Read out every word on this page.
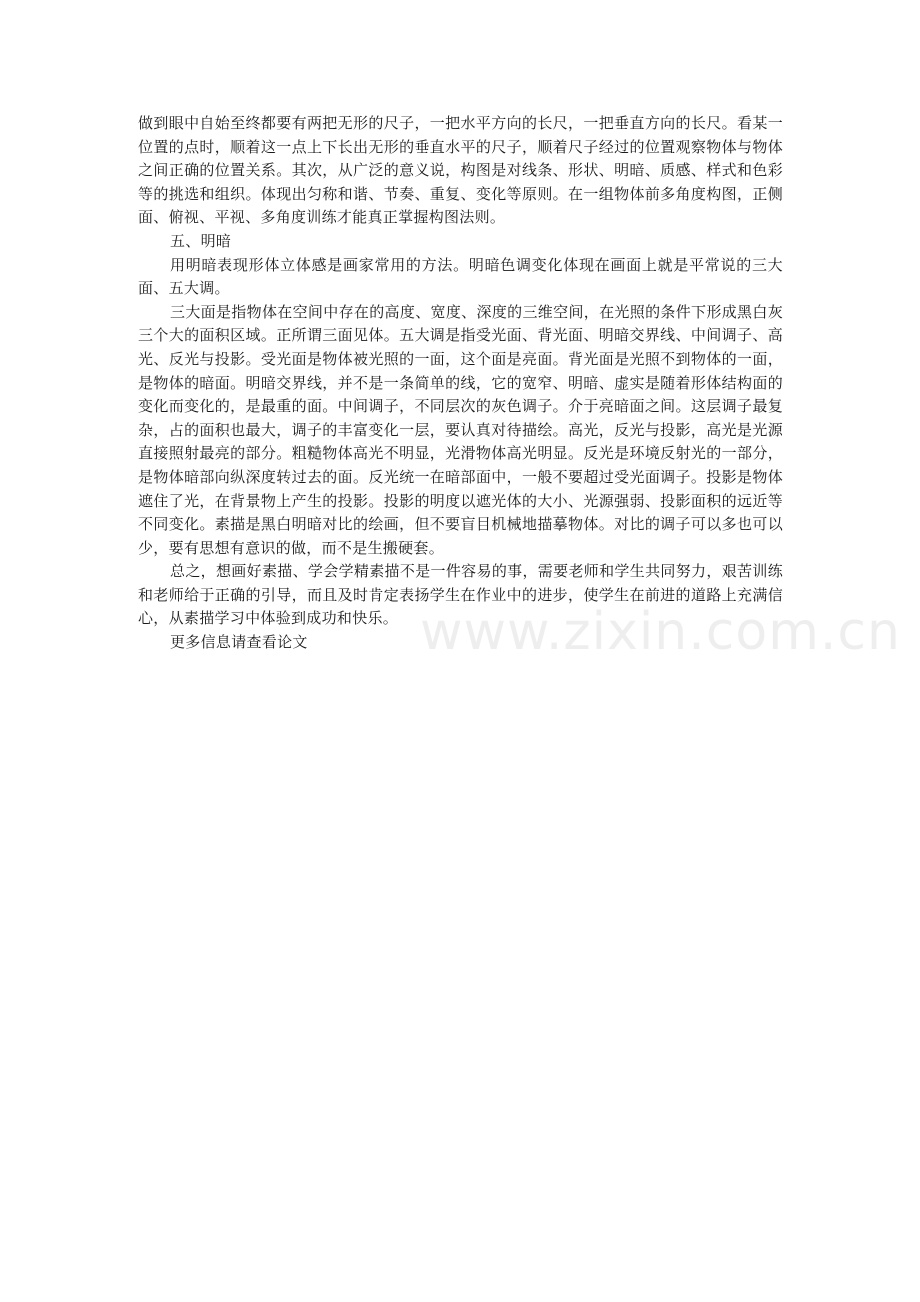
做到眼中自始至终都要有两把无形的尺子，一把水平方向的长尺，一把垂直方向的长尺。看某一位置的点时，顺着这一点上下长出无形的垂直水平的尺子，顺着尺子经过的位置观察物体与物体之间正确的位置关系。其次，从广泛的意义说，构图是对线条、形状、明暗、质感、样式和色彩等的挑选和组织。体现出匀称和谐、节奏、重复、变化等原则。在一组物体前多角度构图，正侧面、俯视、平视、多角度训练才能真正掌握构图法则。

五、明暗

用明暗表现形体立体感是画家常用的方法。明暗色调变化体现在画面上就是平常说的三大面、五大调。

三大面是指物体在空间中存在的高度、宽度、深度的三维空间，在光照的条件下形成黑白灰三个大的面积区域。正所谓三面见体。五大调是指受光面、背光面、明暗交界线、中间调子、高光、反光与投影。受光面是物体被光照的一面，这个面是亮面。背光面是光照不到物体的一面，是物体的暗面。明暗交界线，并不是一条简单的线，它的宽窄、明暗、虚实是随着形体结构面的变化而变化的，是最重的面。中间调子，不同层次的灰色调子。介于亮暗面之间。这层调子最复杂，占的面积也最大，调子的丰富变化一层，要认真对待描绘。高光，反光与投影，高光是光源直接照射最亮的部分。粗糙物体高光不明显，光滑物体高光明显。反光是环境反射光的一部分，是物体暗部向纵深度转过去的面。反光统一在暗部面中，一般不要超过受光面调子。投影是物体遮住了光，在背景物上产生的投影。投影的明度以遮光体的大小、光源强弱、投影面积的远近等不同变化。素描是黑白明暗对比的绘画，但不要盲目机械地描摹物体。对比的调子可以多也可以少，要有思想有意识的做，而不是生搬硬套。

总之，想画好素描、学会学精素描不是一件容易的事，需要老师和学生共同努力，艰苦训练和老师给于正确的引导，而且及时肯定表扬学生在作业中的进步，使学生在前进的道路上充满信心，从素描学习中体验到成功和快乐。

更多信息请查看论文	www.zixin.com.cn
